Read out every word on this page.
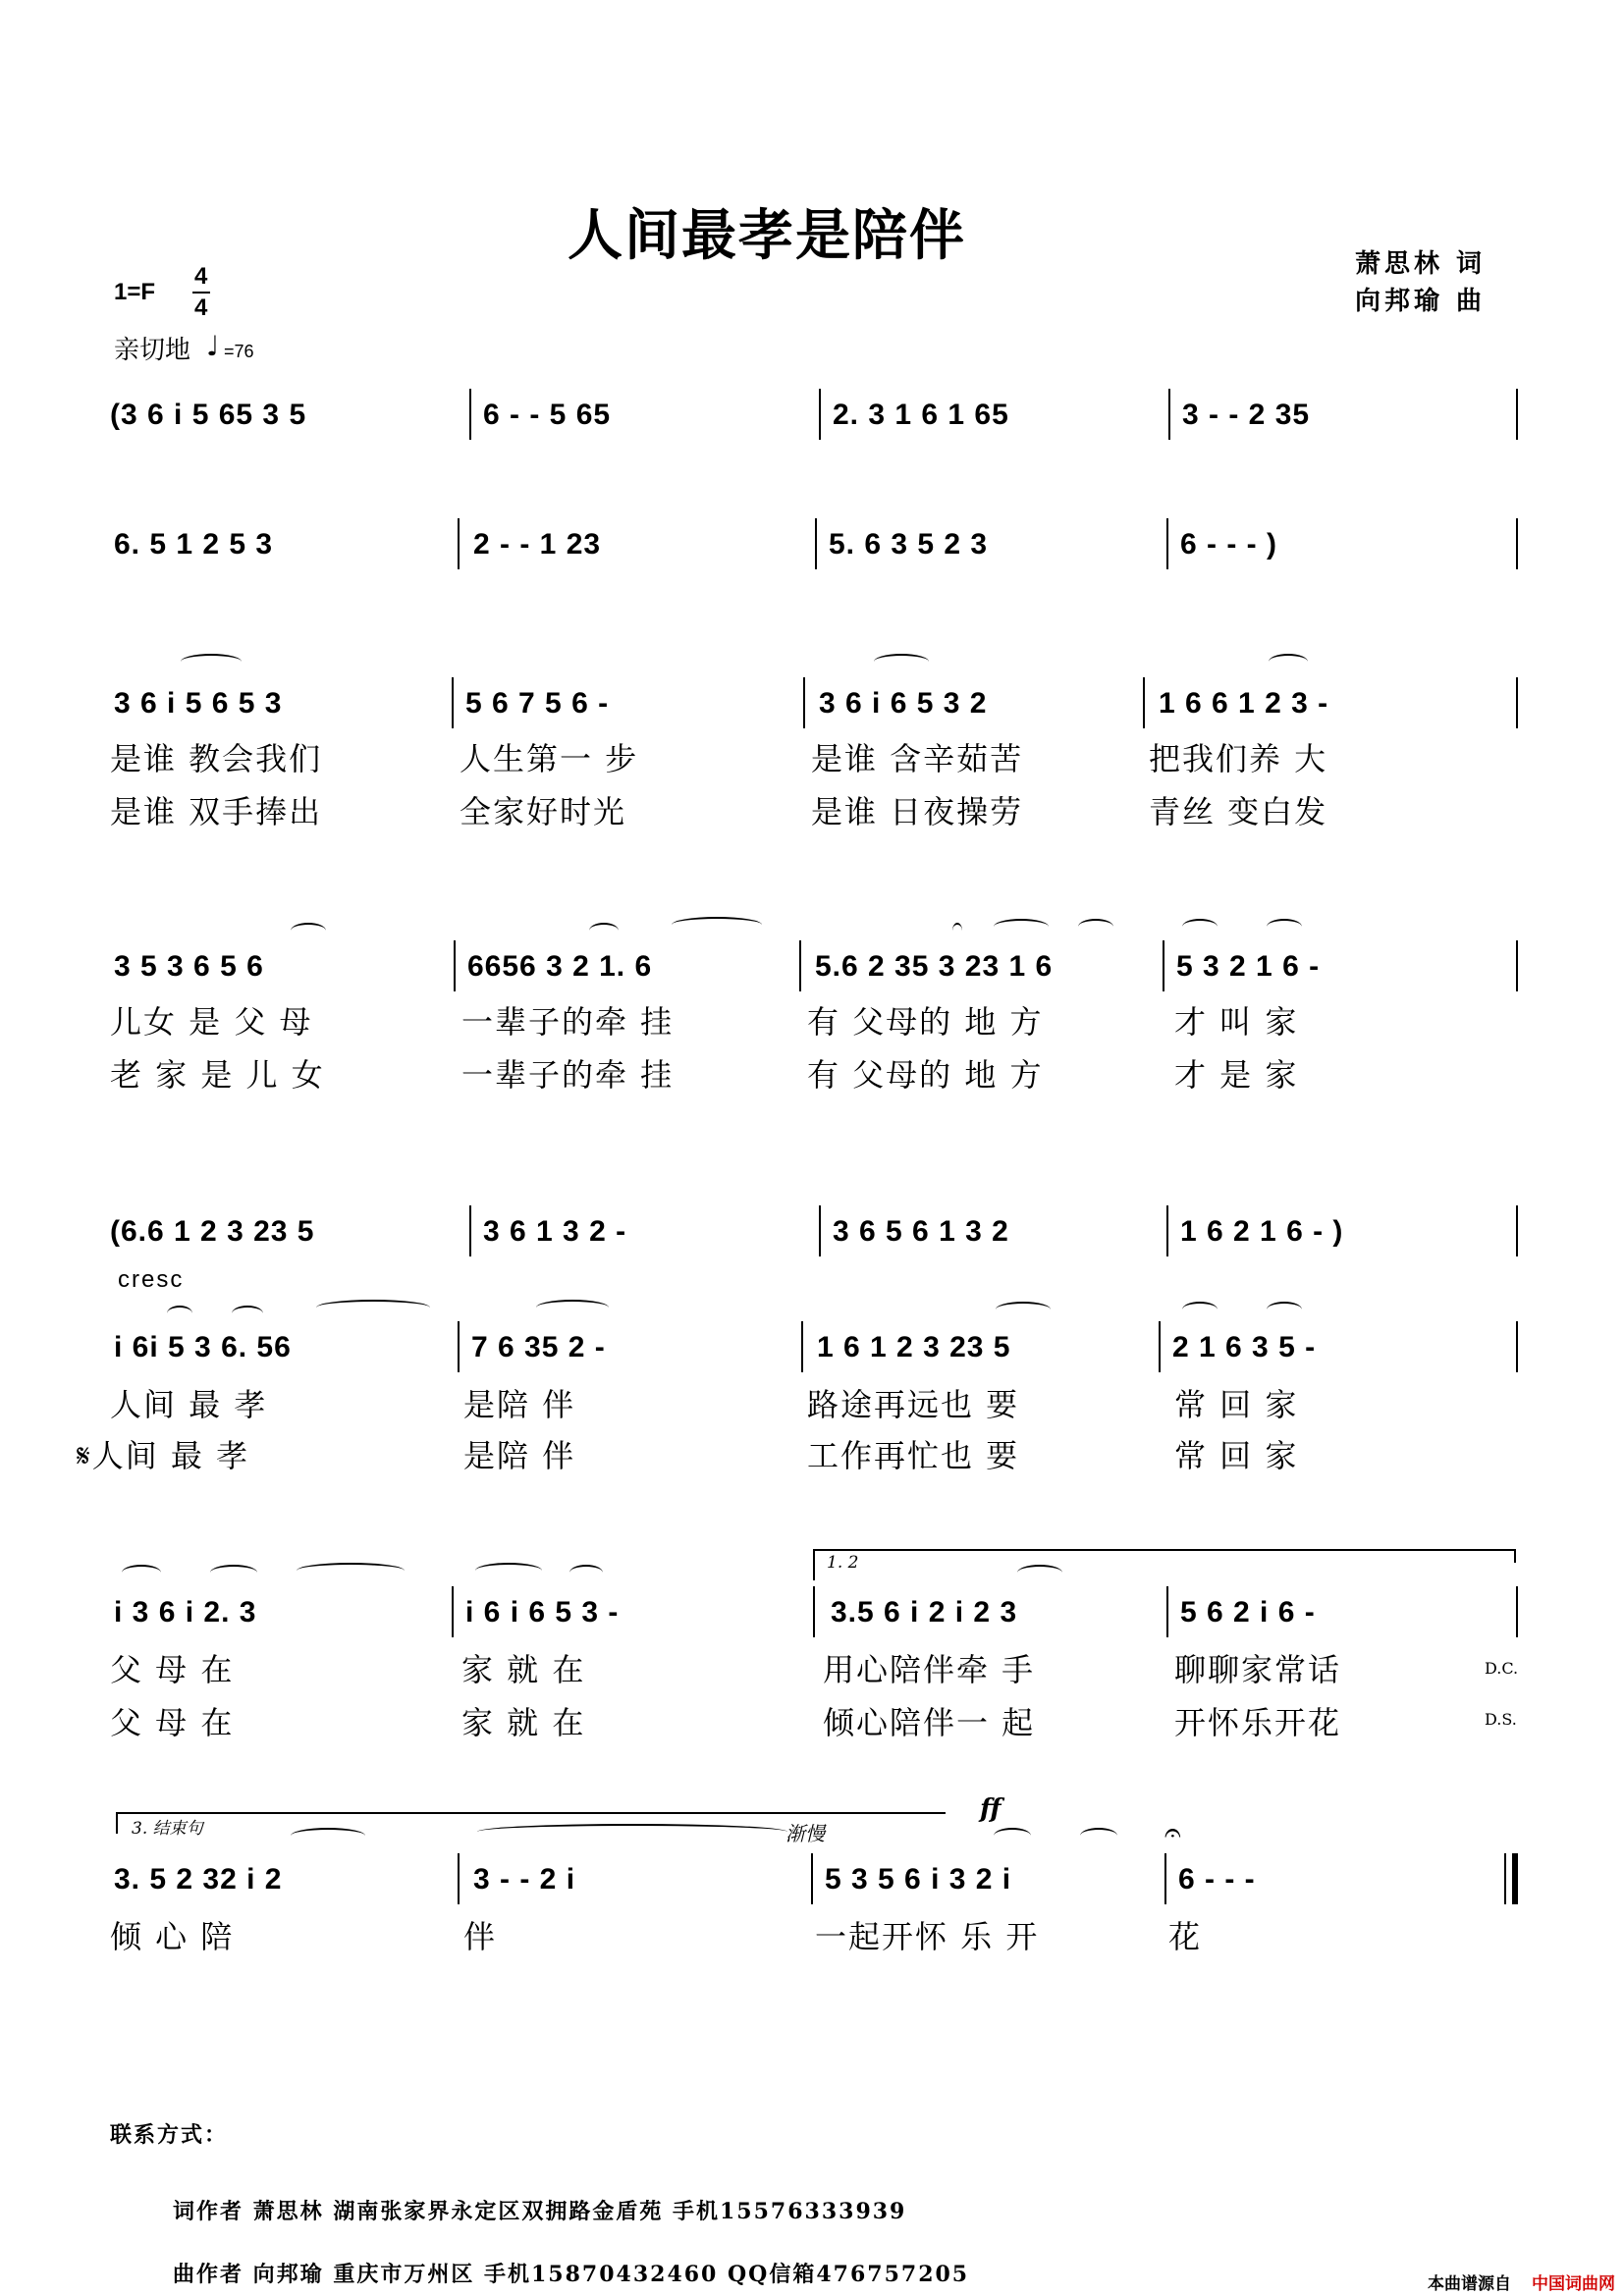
人间最孝是陪伴	萧思林 词
向邦瑜 曲
1=F
4
4
亲切地 ♩ =76
(3 6 i 5 65 3 5	6 - - 5 65	2. 3 1 6 1 65	3 - - 2 35
6. 5 1 2 5 3	2 - - 1 23	5. 6 3 5 2 3	6 - - - )
3 6 i 5 6 5 3	5 6 7 5 6 -	3 6 i 6 5 3 2	1 6 6 1 2 3 -
是谁 教会我们	人生第一 步	是谁 含辛茹苦	把我们养 大
是谁 双手捧出	全家好时光	是谁 日夜操劳	青丝 变白发
3 5 3 6 5 6	6656 3 2 1. 6	5.6 2 35 3 23 1 6	5 3 2 1 6 -
儿女 是 父 母	一辈子的牵 挂	有 父母的 地 方	才 叫 家
老 家 是 儿 女	一辈子的牵 挂	有 父母的 地 方	才 是 家
(6.6 1 2 3 23 5	3 6 1 3 2 -	3 6 5 6 1 3 2	1 6 2 1 6 - )
cresc
i 6i 5 3 6. 56	7 6 35 2 -	1 6 1 2 3 23 5	2 1 6 3 5 -
人间 最 孝	是陪 伴	路途再远也 要	常 回 家
𝄋人间 最 孝	是陪 伴	工作再忙也 要	常 回 家
1. 2
i 3 6 i 2. 3	i 6 i 6 5 3 -	3.5 6 i 2 i 2 3	5 6 2 i 6 -
父 母 在	家 就 在	用心陪伴牵 手	聊聊家常话	D.C.
父 母 在	家 就 在	倾心陪伴一 起	开怀乐开花	D.S.
3. 结束句	渐慢
ff
𝄐
3. 5 2 32 i 2	3 - - 2 i	5 3 5 6 i 3 2 i	6 - - -
倾 心 陪	伴	一起开怀 乐 开	花
联系方式：
词作者 萧思林 湖南张家界永定区双拥路金盾苑 手机15576333939
曲作者 向邦瑜 重庆市万州区 手机15870432460 QQ信箱476757205	本曲谱源自 中国词曲网
